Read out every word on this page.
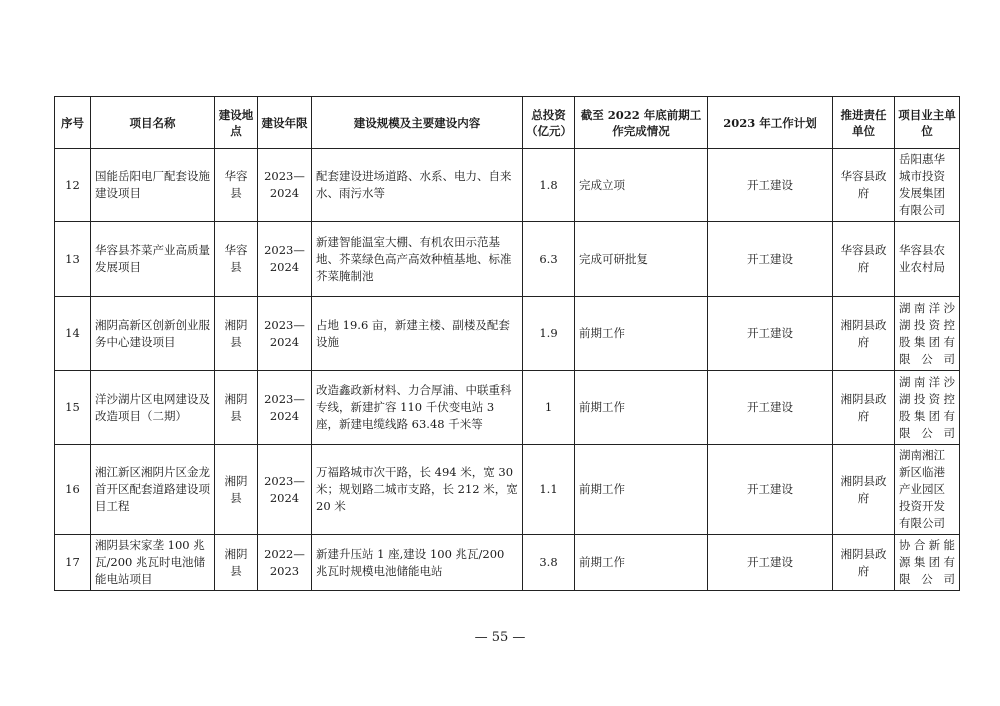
序号	项目名称	建设地点	建设年限	建设规模及主要建设内容	总投资（亿元）	截至 2022 年底前期工作完成情况	2023 年工作计划	推进责任单位	项目业主单位
12	国能岳阳电厂配套设施建设项目	华容县	2023—2024	配套建设进场道路、水系、电力、自来水、雨污水等	1.8	完成立项	开工建设	华容县政府	岳阳惠华城市投资发展集团有限公司
13	华容县芥菜产业高质量发展项目	华容县	2023—2024	新建智能温室大棚、有机农田示范基地、芥菜绿色高产高效种植基地、标准芥菜腌制池	6.3	完成可研批复	开工建设	华容县政府	华容县农业农村局
14	湘阴高新区创新创业服务中心建设项目	湘阴县	2023—2024	占地 19.6 亩，新建主楼、副楼及配套设施	1.9	前期工作	开工建设	湘阴县政府	湖南洋沙湖投资控股集团有限公司
15	洋沙湖片区电网建设及改造项目（二期）	湘阴县	2023—2024	改造鑫政新材料、力合厚浦、中联重科专线，新建扩容 110 千伏变电站 3 座，新建电缆线路 63.48 千米等	1	前期工作	开工建设	湘阴县政府	湖南洋沙湖投资控股集团有限公司
16	湘江新区湘阴片区金龙首开区配套道路建设项目工程	湘阴县	2023—2024	万福路城市次干路，长 494 米，宽 30 米；规划路二城市支路，长 212 米，宽 20 米	1.1	前期工作	开工建设	湘阴县政府	湖南湘江新区临港产业园区投资开发有限公司
17	湘阴县宋家垄 100 兆瓦/200 兆瓦时电池储能电站项目	湘阴县	2022—2023	新建升压站 1 座,建设 100 兆瓦/200 兆瓦时规模电池储能电站	3.8	前期工作	开工建设	湘阴县政府	协合新能源集团有限公司
— 55 —
